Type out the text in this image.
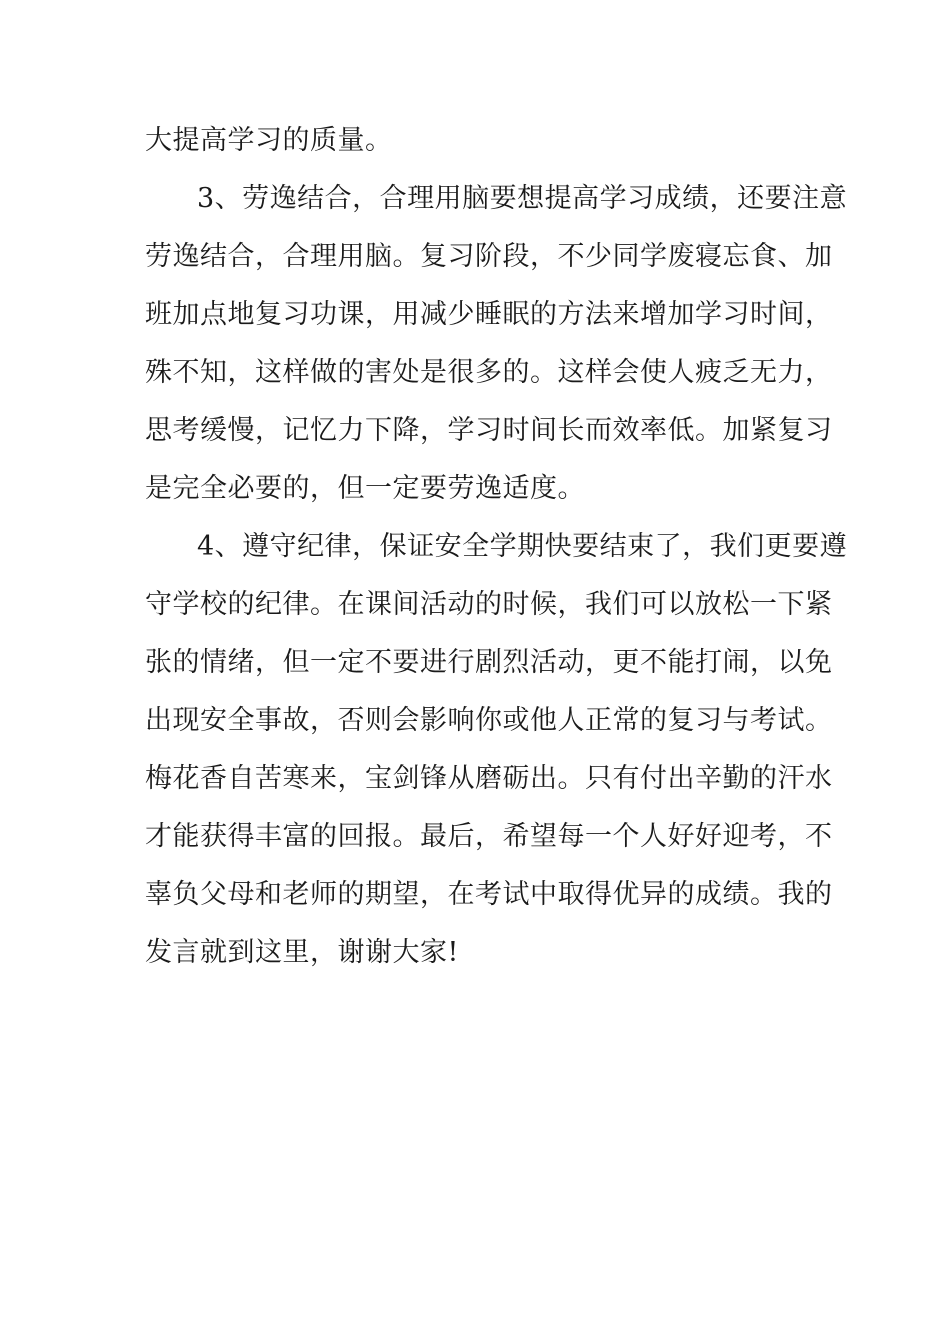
大提高学习的质量。
3、劳逸结合，合理用脑要想提高学习成绩，还要注意
劳逸结合，合理用脑。复习阶段，不少同学废寝忘食、加
班加点地复习功课，用减少睡眠的方法来增加学习时间，
殊不知，这样做的害处是很多的。这样会使人疲乏无力，
思考缓慢，记忆力下降，学习时间长而效率低。加紧复习
是完全必要的，但一定要劳逸适度。
4、遵守纪律，保证安全学期快要结束了，我们更要遵
守学校的纪律。在课间活动的时候，我们可以放松一下紧
张的情绪，但一定不要进行剧烈活动，更不能打闹，以免
出现安全事故，否则会影响你或他人正常的复习与考试。
梅花香自苦寒来，宝剑锋从磨砺出。只有付出辛勤的汗水
才能获得丰富的回报。最后，希望每一个人好好迎考，不
辜负父母和老师的期望，在考试中取得优异的成绩。我的
发言就到这里，谢谢大家!
